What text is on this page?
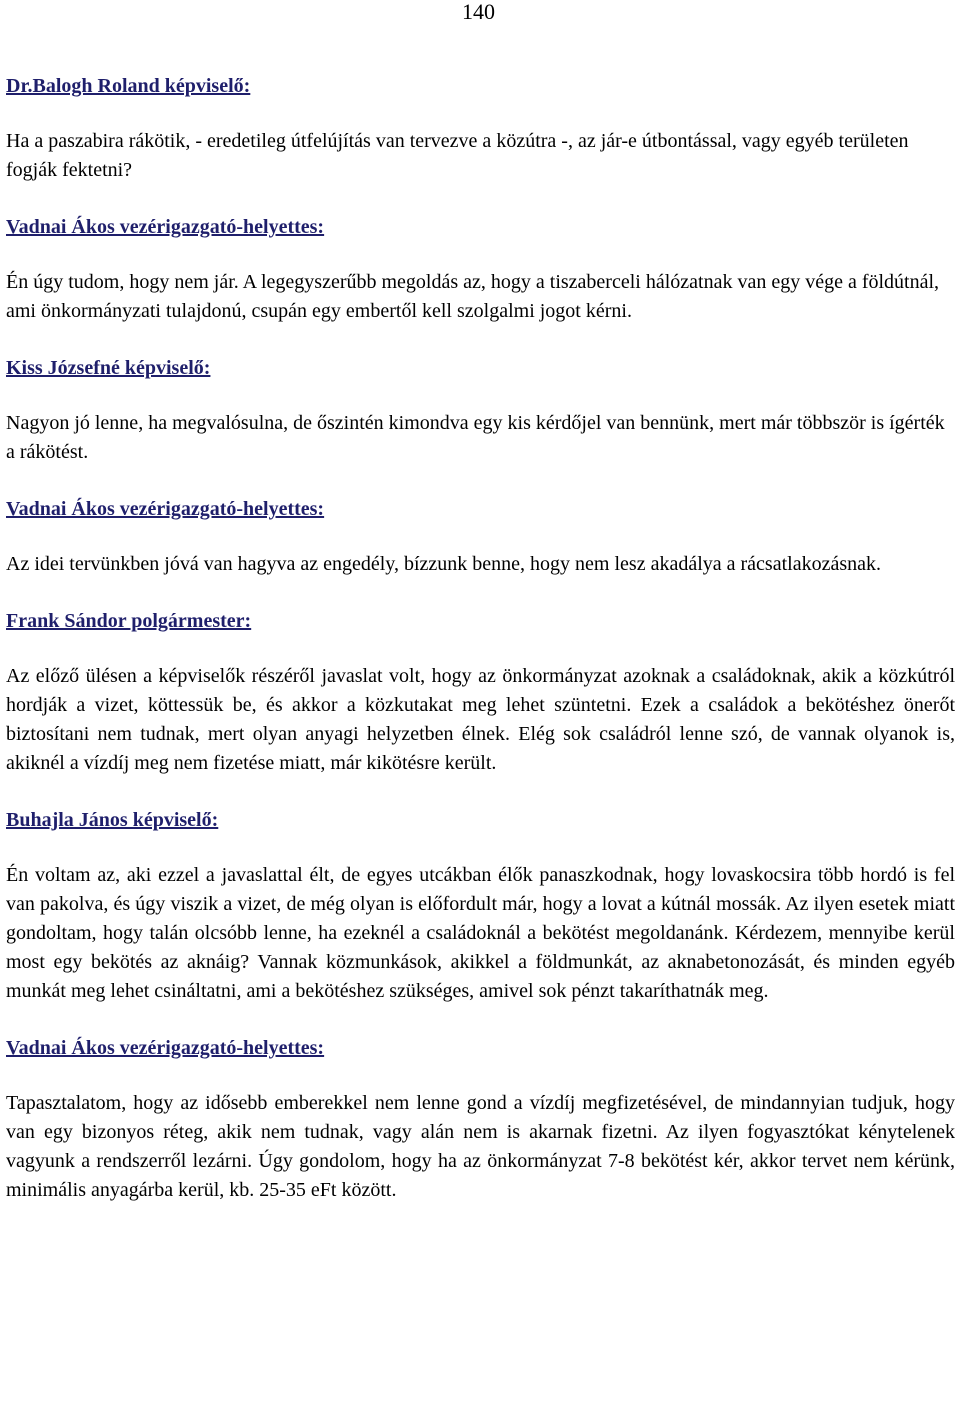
140

Dr.Balogh Roland képviselő:

Ha a paszabira rákötik, - eredetileg útfelújítás van tervezve a közútra -, az jár-e útbontással, vagy egyéb területen fogják fektetni?

Vadnai Ákos vezérigazgató-helyettes:

Én úgy tudom, hogy nem jár. A legegyszerűbb megoldás az, hogy a tiszaberceli hálózatnak van egy vége a földútnál, ami önkormányzati tulajdonú, csupán egy embertől kell szolgalmi jogot kérni.

Kiss Józsefné képviselő:

Nagyon jó lenne, ha megvalósulna, de őszintén kimondva egy kis kérdőjel van bennünk, mert már többször is ígérték a rákötést.

Vadnai Ákos vezérigazgató-helyettes:

Az idei tervünkben jóvá van hagyva az engedély, bízzunk benne, hogy nem lesz akadálya a rácsatlakozásnak.

Frank Sándor polgármester:

Az előző ülésen a képviselők részéről javaslat volt, hogy az önkormányzat azoknak a családoknak, akik a közkútról hordják a vizet, köttessük be, és akkor a közkutakat meg lehet szüntetni. Ezek a családok a bekötéshez önerőt biztosítani nem tudnak, mert olyan anyagi helyzetben élnek. Elég sok családról lenne szó, de vannak olyanok is, akiknél a vízdíj meg nem fizetése miatt, már kikötésre került.

Buhajla János képviselő:

Én voltam az, aki ezzel a javaslattal élt, de egyes utcákban élők panaszkodnak, hogy lovaskocsira több hordó is fel van pakolva, és úgy viszik a vizet, de még olyan is előfordult már, hogy a lovat a kútnál mossák. Az ilyen esetek miatt gondoltam, hogy talán olcsóbb lenne, ha ezeknél a családoknál a bekötést megoldanánk. Kérdezem, mennyibe kerül most egy bekötés az aknáig? Vannak közmunkások, akikkel a földmunkát, az aknabetonozását, és minden egyéb munkát meg lehet csináltatni, ami a bekötéshez szükséges, amivel sok pénzt takaríthatnák meg.

Vadnai Ákos vezérigazgató-helyettes:

Tapasztalatom, hogy az idősebb emberekkel nem lenne gond a vízdíj megfizetésével, de mindannyian tudjuk, hogy van egy bizonyos réteg, akik nem tudnak, vagy alán nem is akarnak fizetni. Az ilyen fogyasztókat kénytelenek vagyunk a rendszerről lezárni. Úgy gondolom, hogy ha az önkormányzat 7-8 bekötést kér, akkor tervet nem kérünk, minimális anyagárba kerül, kb. 25-35 eFt között.
